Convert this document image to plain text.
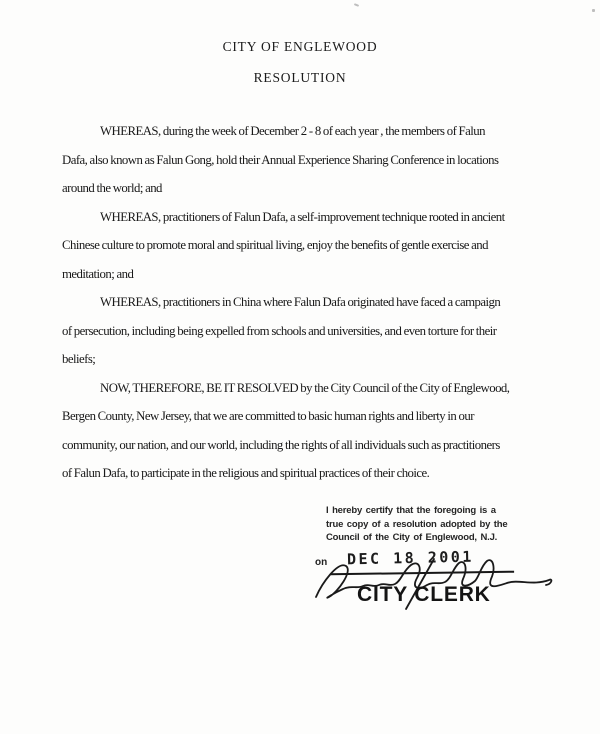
CITY OF ENGLEWOOD
RESOLUTION
WHEREAS, during the week of December 2 - 8 of each year , the members of Falun
Dafa, also known as Falun Gong, hold their Annual Experience Sharing Conference in locations
around the world; and
WHEREAS, practitioners of Falun Dafa, a self-improvement technique rooted in ancient
Chinese culture to promote moral and spiritual living, enjoy the benefits of gentle exercise and
meditation; and
WHEREAS, practitioners in China where Falun Dafa originated have faced a campaign
of persecution, including being expelled from schools and universities, and even torture for their
beliefs;
NOW, THEREFORE, BE IT RESOLVED by the City Council of the City of Englewood,
Bergen County, New Jersey, that we are committed to basic human rights and liberty in our
community, our nation, and our world, including the rights of all individuals such as practitioners
of Falun Dafa, to participate in the religious and spiritual practices of their choice.
I hereby certify that the foregoing is a
true copy of a resolution adopted by the
Council of the City of Englewood, N.J.
on DEC 18 2001
CITY CLERK
